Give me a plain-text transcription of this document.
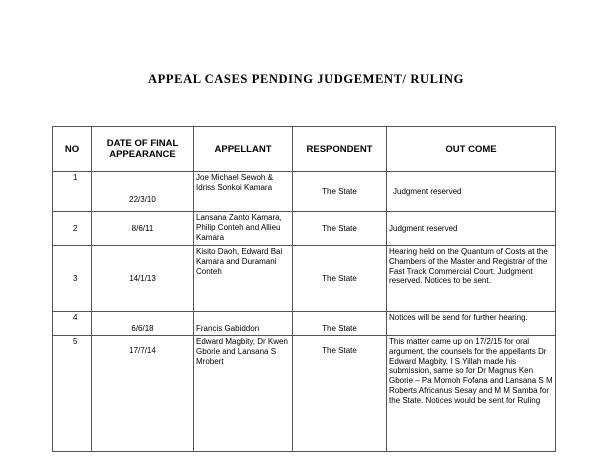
APPEAL CASES PENDING JUDGEMENT/ RULING
NO	DATE OF FINAL APPEARANCE	APPELLANT	RESPONDENT	OUT COME
1	22/3/10	Joe Michael Sewoh & Idriss Sonkoi Kamara	The State	Judgment reserved
2	8/6/11	Lansana Zanto Kamara, Philip Conteh and Allieu Kamara	The State	Judgment reserved
3	14/1/13	Kisito Daoh, Edward Bai Kamara and Duramani Conteh	The State	Hearing held on the Quantum of Costs at the Chambers of the Master and Registrar of the Fast Track Commercial Court. Judgment reserved. Notices to be sent.
4	6/6/18	Francis Gabiddon	The State	Notices will be send for further hearing.
5	17/7/14	Edward Magbity, Dr Kwen Gborie and Lansana S Mrobert	The State	This matter came up on 17/2/15 for oral argument, the counsels for the appellants Dr Edward Magbity. I S Yillah made his submission, same so for Dr Magnus Ken Gborie – Pa Momoh Fofana and Lansana S M Roberts Africanus Sesay and M M Samba for the State. Notices would be sent for Ruling
